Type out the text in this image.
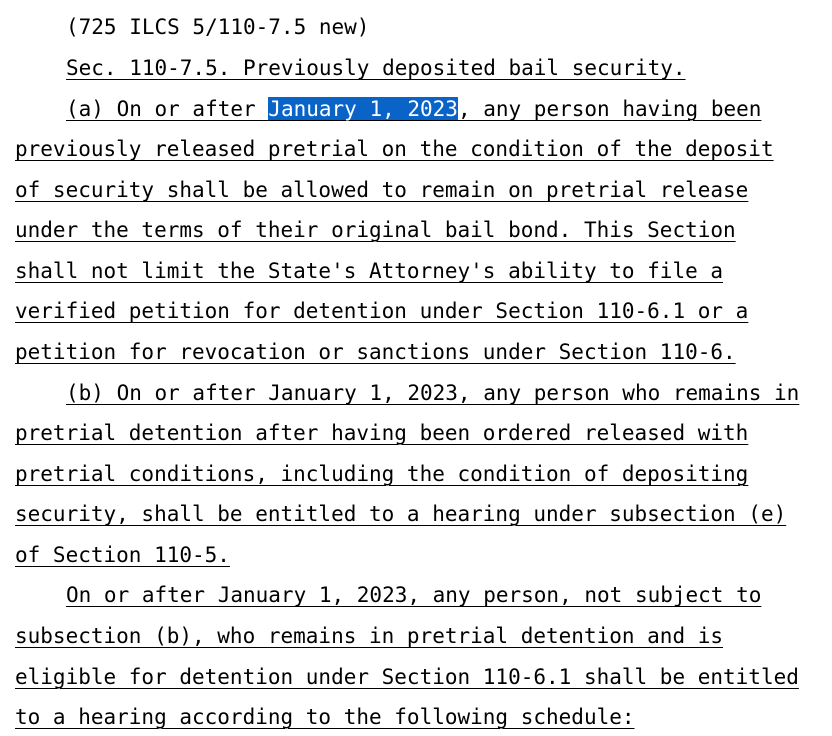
(725 ILCS 5/110-7.5 new)
Sec. 110-7.5. Previously deposited bail security.
(a) On or after January 1, 2023, any person having been
previously released pretrial on the condition of the deposit
of security shall be allowed to remain on pretrial release
under the terms of their original bail bond. This Section
shall not limit the State's Attorney's ability to file a
verified petition for detention under Section 110-6.1 or a
petition for revocation or sanctions under Section 110-6.
(b) On or after January 1, 2023, any person who remains in
pretrial detention after having been ordered released with
pretrial conditions, including the condition of depositing
security, shall be entitled to a hearing under subsection (e)
of Section 110-5.
On or after January 1, 2023, any person, not subject to
subsection (b), who remains in pretrial detention and is
eligible for detention under Section 110-6.1 shall be entitled
to a hearing according to the following schedule:
